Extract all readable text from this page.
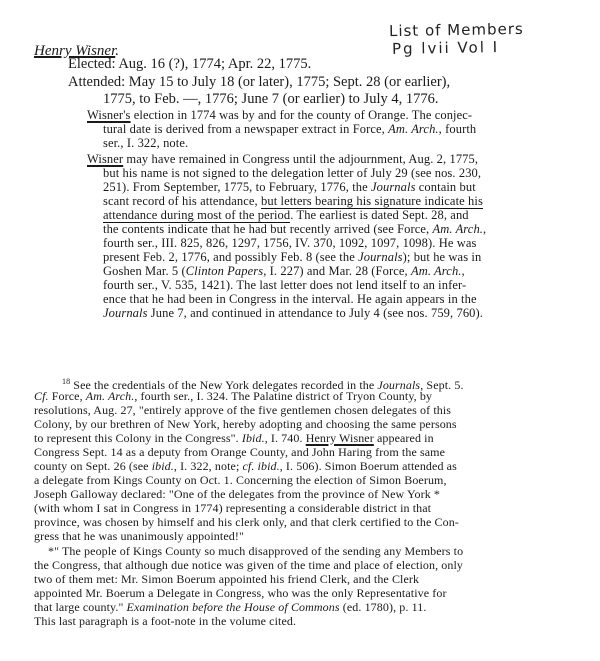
Henry Wisner.
List of Members
Pg lvii Vol I
Elected: Aug. 16 (?), 1774; Apr. 22, 1775.
Attended: May 15 to July 18 (or later), 1775; Sept. 28 (or earlier),
1775, to Feb. —, 1776; June 7 (or earlier) to July 4, 1776.
Wisner's election in 1774 was by and for the county of Orange. The conjec-
tural date is derived from a newspaper extract in Force, Am. Arch., fourth
ser., I. 322, note.
Wisner may have remained in Congress until the adjournment, Aug. 2, 1775,
but his name is not signed to the delegation letter of July 29 (see nos. 230,
251). From September, 1775, to February, 1776, the Journals contain but
scant record of his attendance, but letters bearing his signature indicate his
attendance during most of the period. The earliest is dated Sept. 28, and
the contents indicate that he had but recently arrived (see Force, Am. Arch.,
fourth ser., III. 825, 826, 1297, 1756, IV. 370, 1092, 1097, 1098). He was
present Feb. 2, 1776, and possibly Feb. 8 (see the Journals); but he was in
Goshen Mar. 5 (Clinton Papers, I. 227) and Mar. 28 (Force, Am. Arch.,
fourth ser., V. 535, 1421). The last letter does not lend itself to an infer-
ence that he had been in Congress in the interval. He again appears in the
Journals June 7, and continued in attendance to July 4 (see nos. 759, 760).
$^{18}$ See the credentials of the New York delegates recorded in the Journals, Sept. 5.
Cf. Force, Am. Arch., fourth ser., I. 324. The Palatine district of Tryon County, by
resolutions, Aug. 27, "entirely approve of the five gentlemen chosen delegates of this
Colony, by our brethren of New York, hereby adopting and choosing the same persons
to represent this Colony in the Congress". Ibid., I. 740. Henry Wisner appeared in
Congress Sept. 14 as a deputy from Orange County, and John Haring from the same
county on Sept. 26 (see ibid., I. 322, note; cf. ibid., I. 506). Simon Boerum attended as
a delegate from Kings County on Oct. 1. Concerning the election of Simon Boerum,
Joseph Galloway declared: "One of the delegates from the province of New York *
(with whom I sat in Congress in 1774) representing a considerable district in that
province, was chosen by himself and his clerk only, and that clerk certified to the Con-
gress that he was unanimously appointed!"
*" The people of Kings County so much disapproved of the sending any Members to
the Congress, that although due notice was given of the time and place of election, only
two of them met: Mr. Simon Boerum appointed his friend Clerk, and the Clerk
appointed Mr. Boerum a Delegate in Congress, who was the only Representative for
that large county." Examination before the House of Commons (ed. 1780), p. 11.
This last paragraph is a foot-note in the volume cited.
